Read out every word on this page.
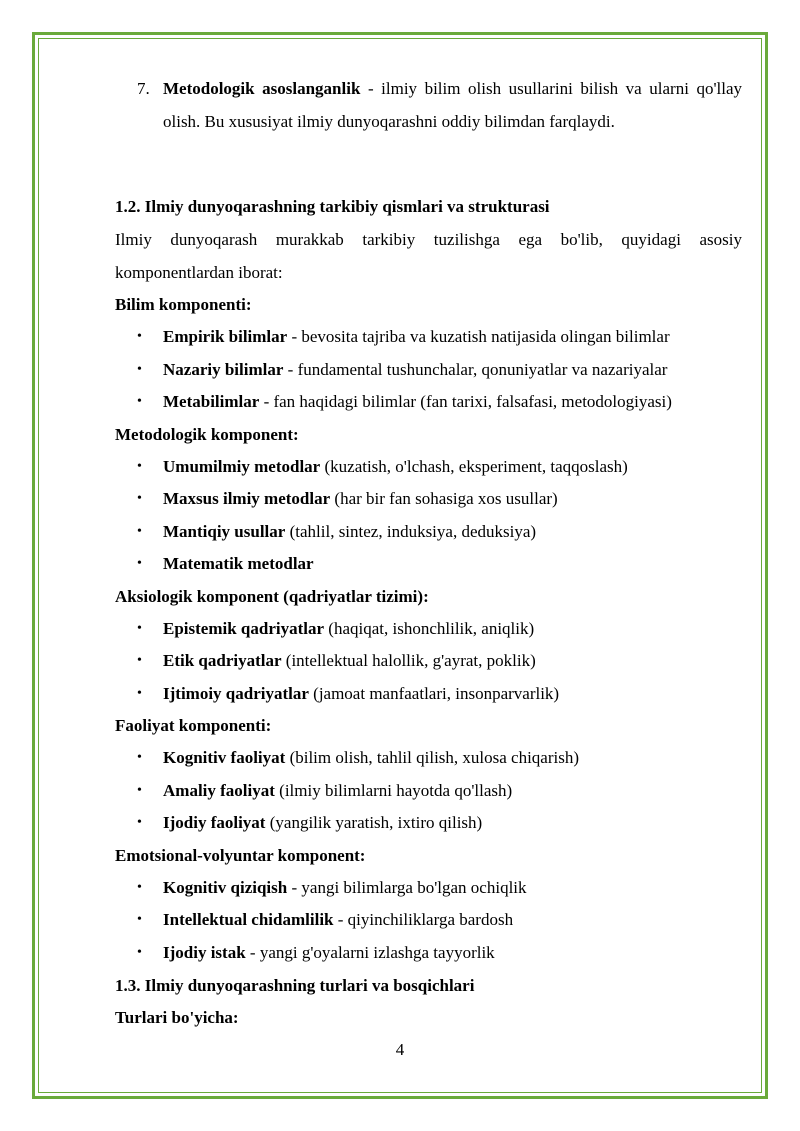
7. Metodologik asoslanganlik - ilmiy bilim olish usullarini bilish va ularni qo'llay olish. Bu xususiyat ilmiy dunyoqarashni oddiy bilimdan farqlaydi.
1.2. Ilmiy dunyoqarashning tarkibiy qismlari va strukturasi
Ilmiy dunyoqarash murakkab tarkibiy tuzilishga ega bo'lib, quyidagi asosiy komponentlardan iborat:
Bilim komponenti:
•	Empirik bilimlar - bevosita tajriba va kuzatish natijasida olingan bilimlar
•	Nazariy bilimlar - fundamental tushunchalar, qonuniyatlar va nazariyalar
•	Metabilimlar - fan haqidagi bilimlar (fan tarixi, falsafasi, metodologiyasi)
Metodologik komponent:
•	Umumilmiy metodlar (kuzatish, o'lchash, eksperiment, taqqoslash)
•	Maxsus ilmiy metodlar (har bir fan sohasiga xos usullar)
•	Mantiqiy usullar (tahlil, sintez, induksiya, deduksiya)
•	Matematik metodlar
Aksiologik komponent (qadriyatlar tizimi):
•	Epistemik qadriyatlar (haqiqat, ishonchlilik, aniqlik)
•	Etik qadriyatlar (intellektual halollik, g'ayrat, poklik)
•	Ijtimoiy qadriyatlar (jamoat manfaatlari, insonparvarlik)
Faoliyat komponenti:
•	Kognitiv faoliyat (bilim olish, tahlil qilish, xulosa chiqarish)
•	Amaliy faoliyat (ilmiy bilimlarni hayotda qo'llash)
•	Ijodiy faoliyat (yangilik yaratish, ixtiro qilish)
Emotsional-volyuntar komponent:
•	Kognitiv qiziqish - yangi bilimlarga bo'lgan ochiqlik
•	Intellektual chidamlilik - qiyinchiliklarga bardosh
•	Ijodiy istak - yangi g'oyalarni izlashga tayyorlik
1.3. Ilmiy dunyoqarashning turlari va bosqichlari
Turlari bo'yicha:
4
